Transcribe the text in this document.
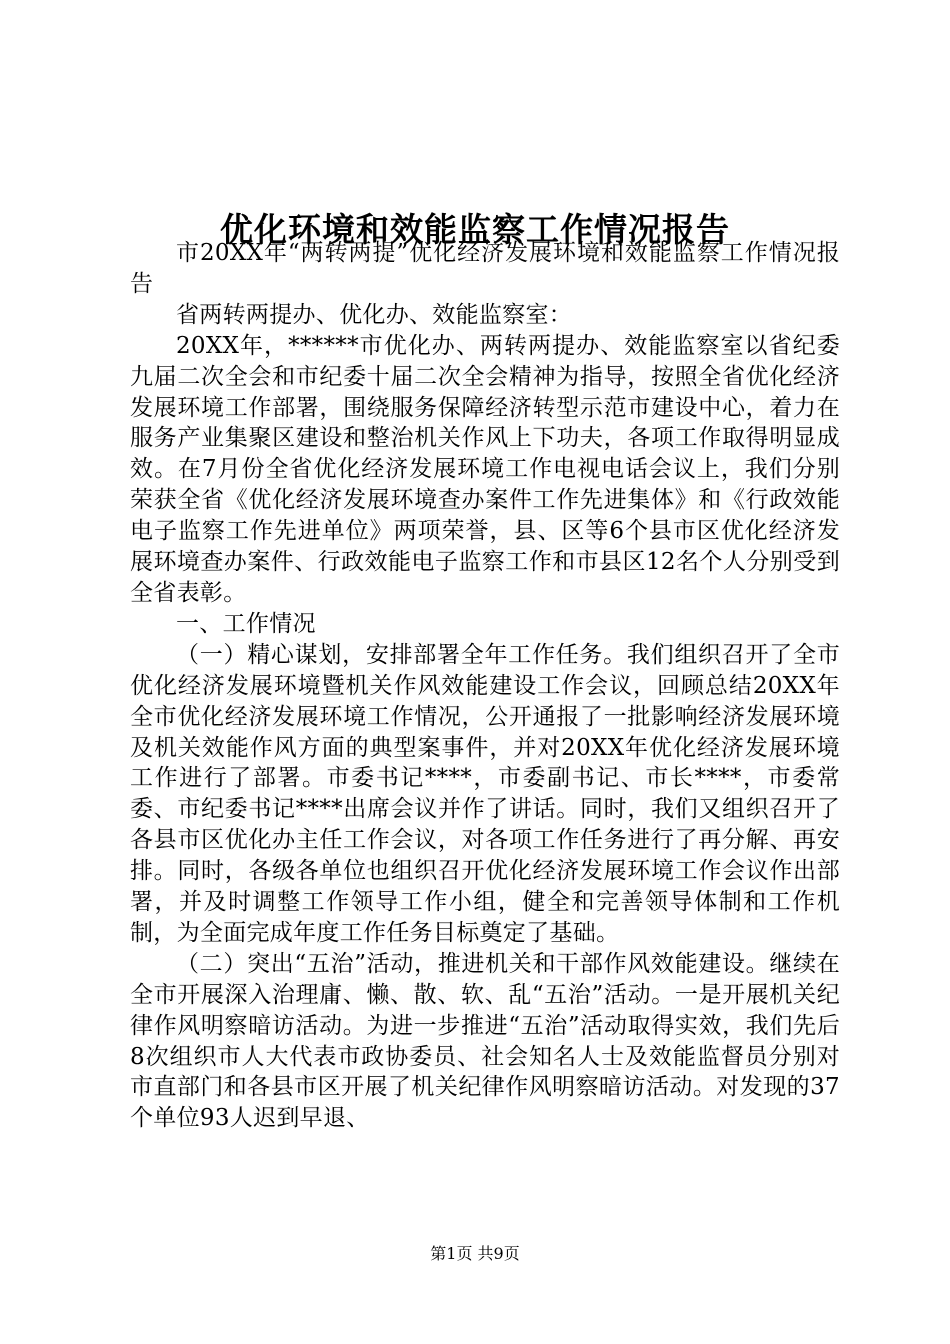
优化环境和效能监察工作情况报告

市20XX年“两转两提”优化经济发展环境和效能监察工作情况报告

省两转两提办、优化办、效能监察室：

20XX年，******市优化办、两转两提办、效能监察室以省纪委九届二次全会和市纪委十届二次全会精神为指导，按照全省优化经济发展环境工作部署，围绕服务保障经济转型示范市建设中心，着力在服务产业集聚区建设和整治机关作风上下功夫，各项工作取得明显成效。在7月份全省优化经济发展环境工作电视电话会议上，我们分别荣获全省《优化经济发展环境查办案件工作先进集体》和《行政效能电子监察工作先进单位》两项荣誉，县、区等6个县市区优化经济发展环境查办案件、行政效能电子监察工作和市县区12名个人分别受到全省表彰。

一、工作情况

（一）精心谋划，安排部署全年工作任务。我们组织召开了全市优化经济发展环境暨机关作风效能建设工作会议，回顾总结20XX年全市优化经济发展环境工作情况，公开通报了一批影响经济发展环境及机关效能作风方面的典型案事件，并对20XX年优化经济发展环境工作进行了部署。市委书记****，市委副书记、市长****，市委常委、市纪委书记****出席会议并作了讲话。同时，我们又组织召开了各县市区优化办主任工作会议，对各项工作任务进行了再分解、再安排。同时，各级各单位也组织召开优化经济发展环境工作会议作出部署，并及时调整工作领导工作小组，健全和完善领导体制和工作机制，为全面完成年度工作任务目标奠定了基础。

（二）突出“五治”活动，推进机关和干部作风效能建设。继续在全市开展深入治理庸、懒、散、软、乱“五治”活动。一是开展机关纪律作风明察暗访活动。为进一步推进“五治”活动取得实效，我们先后8次组织市人大代表市政协委员、社会知名人士及效能监督员分别对市直部门和各县市区开展了机关纪律作风明察暗访活动。对发现的37个单位93人迟到早退、

第1页 共9页
